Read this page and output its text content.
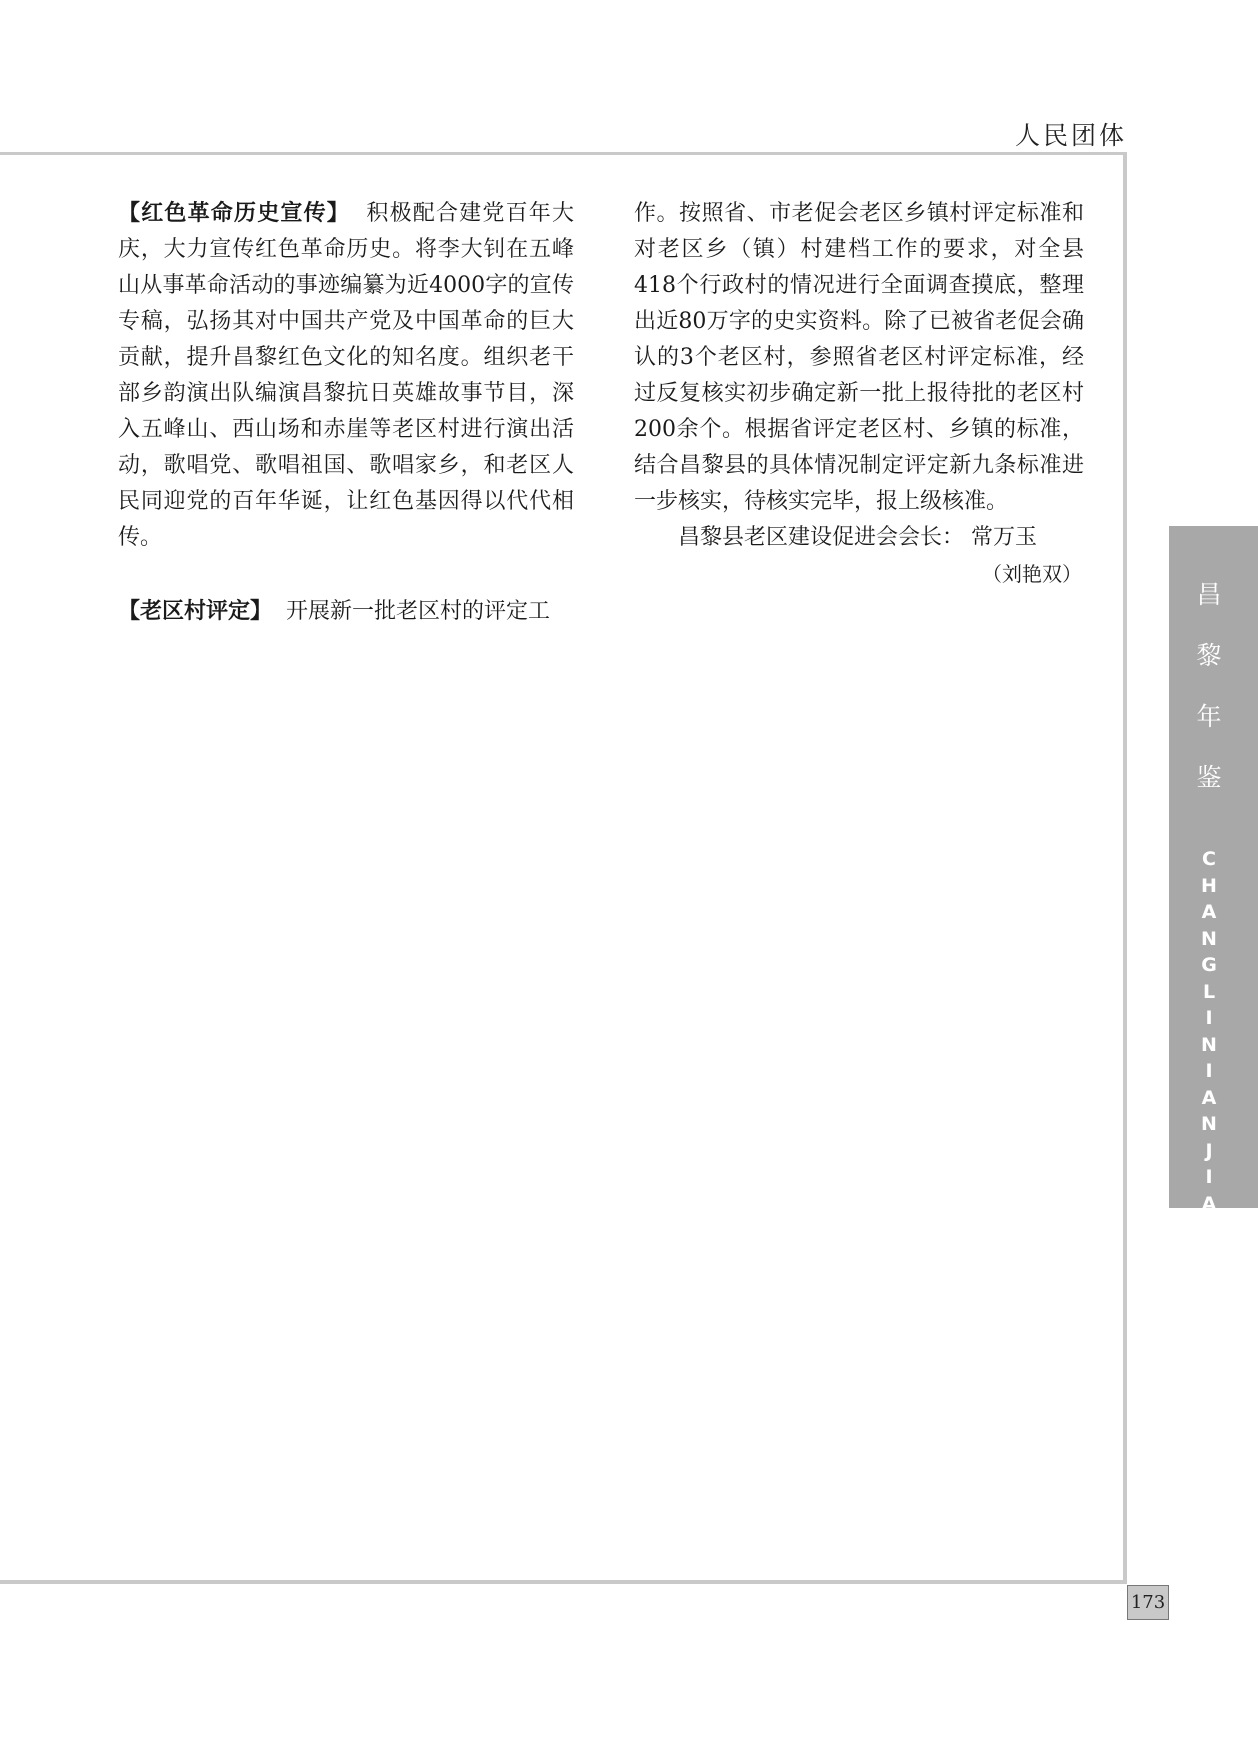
人民团体

【红色革命历史宣传】 积极配合建党百年大庆，大力宣传红色革命历史。将李大钊在五峰山从事革命活动的事迹编纂为近4000字的宣传专稿，弘扬其对中国共产党及中国革命的巨大贡献，提升昌黎红色文化的知名度。组织老干部乡韵演出队编演昌黎抗日英雄故事节目，深入五峰山、西山场和赤崖等老区村进行演出活动，歌唱党、歌唱祖国、歌唱家乡，和老区人民同迎党的百年华诞，让红色基因得以代代相传。

【老区村评定】 开展新一批老区村的评定工

作。按照省、市老促会老区乡镇村评定标准和对老区乡（镇）村建档工作的要求，对全县418个行政村的情况进行全面调查摸底，整理出近80万字的史实资料。除了已被省老促会确认的3个老区村，参照省老区村评定标准，经过反复核实初步确定新一批上报待批的老区村200余个。根据省评定老区村、乡镇的标准，结合昌黎县的具体情况制定评定新九条标准进一步核实，待核实完毕，报上级核准。

昌黎县老区建设促进会会长： 常万玉

（刘艳双）

昌
黎
年
鉴
C
H
A
N
G
L
I
N
I
A
N
J
I
A
N
173
